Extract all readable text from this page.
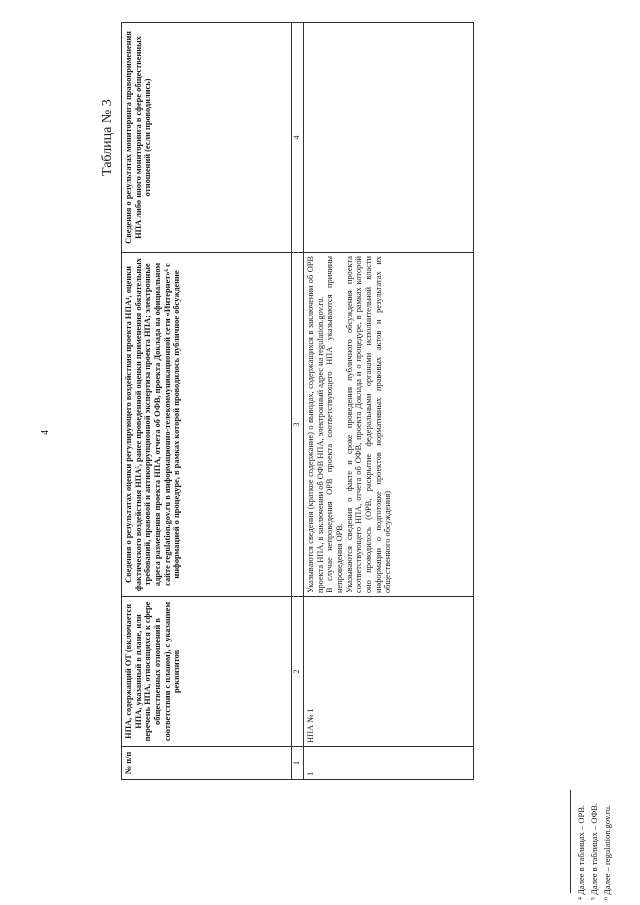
4
Таблица № 3
№ п/п	НПА, содержащий ОТ (включается НПА, указанный в плане, или перечень НПА, относящихся к сфере общественных отношений в соответствии с планом), с указанием реквизитов	Сведения о результатах оценки регулирующего воздействия проекта НПА⁴, оценки фактического воздействия НПА⁵, ранее проведенной оценки применения обязательных требований, правовой и антикоррупционной экспертиза проекта НПА; электронные адреса размещения проекта НПА, отчета об ОФВ, проекта Доклада на официальном сайте regulation.gov.ru в информационно-телекоммуникационной сети «Интернет»⁶ с информацией о процедуре, в рамках которой проводилось публичное обсуждение	Сведения о результатах мониторинга правоприменения НПА либо иного мониторинга в сфере общественных отношений (если проводились)
1	2	3	4
1	НПА № 1	Указываются сведения (краткое содержание) о выводах, содержащихся в заключении об ОРВ проекта НПА, в заключении об ОФВ НПА, электронный адрес на regulation.gov.ru. В случае непроведения ОРВ проекта соответствующего НПА указываются причины непроведения ОРВ. Указываются сведения о факте и сроке проведения публичного обсуждения проекта соответствующего НПА, отчета об ОФВ, проекта Доклада и о процедуре, в рамках которой оно проводилось (ОРВ, раскрытие федеральными органами исполнительной власти информации о подготовке проектов нормативных правовых актов и результатах их общественного обсуждения)	

⁴ Далее в таблицах – ОРВ. ⁵ Далее в таблицах – ОФВ. ⁶ Далее – regulation.gov.ru.
